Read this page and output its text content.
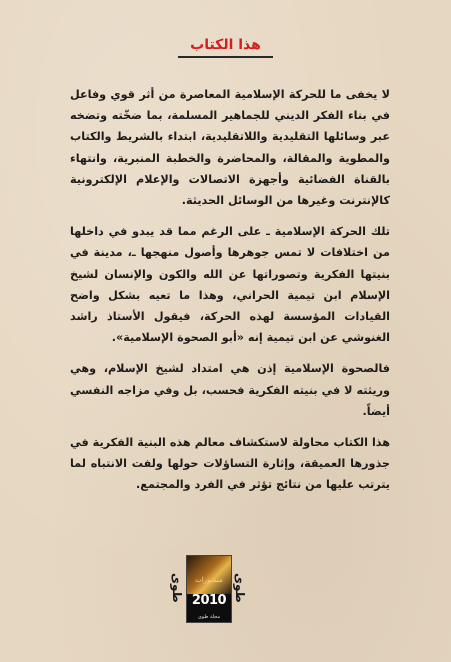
هذا الكتاب

لا يخفى ما للحركة الإسلامية المعاصرة من أثر قوي وفاعل في بناء الفكر الديني للجماهير المسلمة، بما ضخّته وتضخه عبر وسائلها التقليدية واللاتقليدية، ابتداء بالشريط والكتاب والمطوية والمقالة، والمحاضرة والخطبة المنبرية، وانتهاء بالقناة الفضائية وأجهزة الاتصالات والإعلام الإلكترونية كالإنترنت وغيرها من الوسائل الحديثة.

تلك الحركة الإسلامية ـ على الرغم مما قد يبدو في داخلها من اختلافات لا تمس جوهرها وأصول منهجها ـ، مدينة في بنيتها الفكرية وتصوراتها عن الله والكون والإنسان لشيخ الإسلام ابن تيمية الحراني، وهذا ما تعيه بشكل واضح القيادات المؤسسة لهذه الحركة، فيقول الأستاذ راشد الغنوشي عن ابن تيمية إنه «أبو الصحوة الإسلامية».

فالصحوة الإسلامية إذن هي امتداد لشيخ الإسلام، وهي وريثته لا في بنيته الفكرية فحسب، بل وفي مزاجه النفسي أيضاً.

هذا الكتاب محاولة لاستكشاف معالم هذه البنية الفكرية في جذورها العميقة، وإثارة التساؤلات حولها ولفت الانتباه لما يترتب عليها من نتائج تؤثر في الفرد والمجتمع.

طوى	منشورات
2010
مجلة طوى
طوى
